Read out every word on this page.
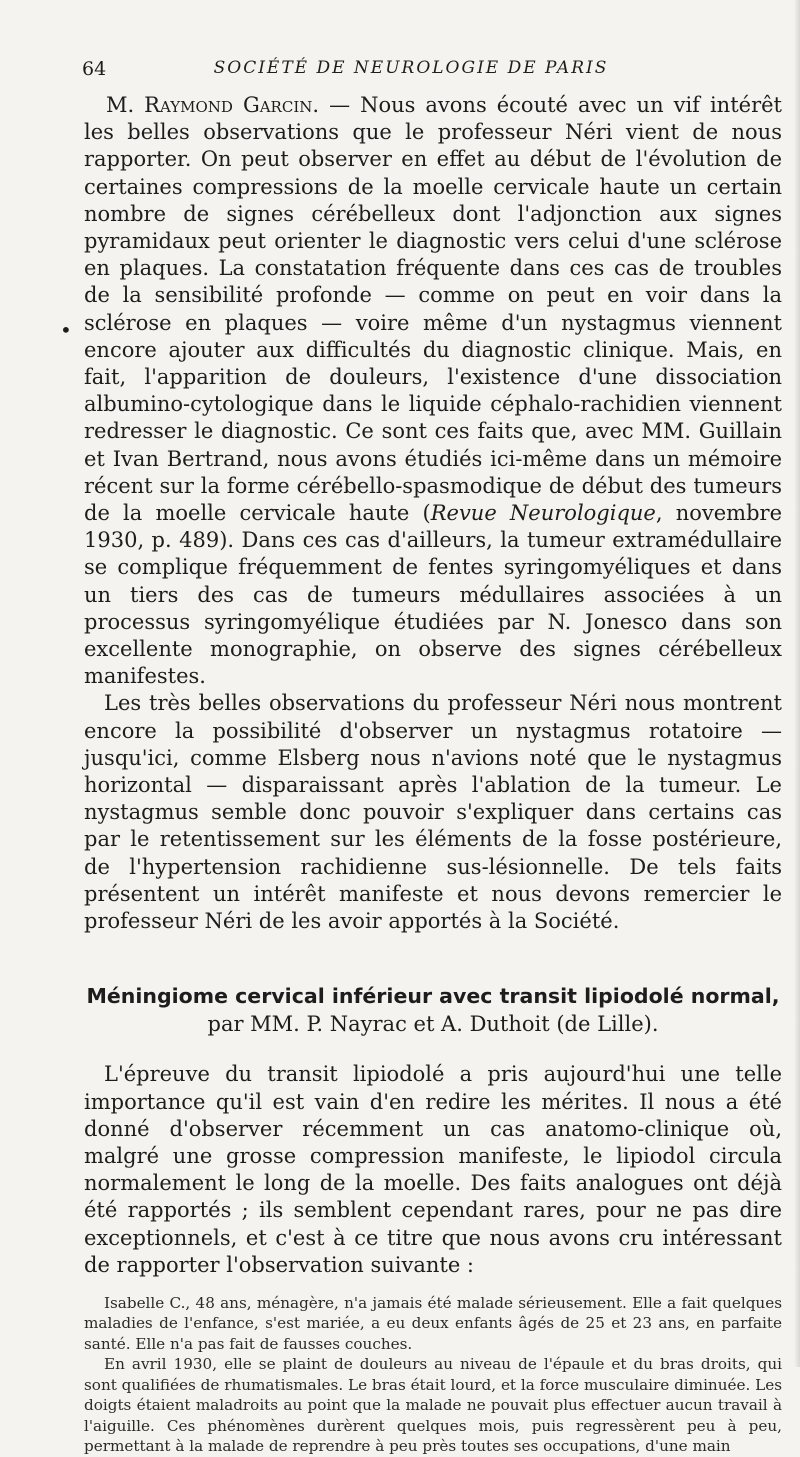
64	SOCIÉTÉ DE NEUROLOGIE DE PARIS
•

M. Raymond Garcin. — Nous avons écouté avec un vif intérêt les belles observations que le professeur Néri vient de nous rapporter. On peut observer en effet au début de l'évolution de certaines compressions de la moelle cervicale haute un certain nombre de signes cérébelleux dont l'adjonction aux signes pyramidaux peut orienter le diagnostic vers celui d'une sclérose en plaques. La constatation fréquente dans ces cas de troubles de la sensibilité profonde — comme on peut en voir dans la sclérose en plaques — voire même d'un nystagmus viennent encore ajouter aux difficultés du diagnostic clinique. Mais, en fait, l'apparition de douleurs, l'existence d'une dissociation albumino-cytologique dans le liquide céphalo-rachidien viennent redresser le diagnostic. Ce sont ces faits que, avec MM. Guillain et Ivan Bertrand, nous avons étudiés ici-même dans un mémoire récent sur la forme cérébello-spasmodique de début des tumeurs de la moelle cervicale haute (Revue Neurologique, novembre 1930, p. 489). Dans ces cas d'ailleurs, la tumeur extramédullaire se complique fréquemment de fentes syringomyéliques et dans un tiers des cas de tumeurs médullaires associées à un processus syringomyélique étudiées par N. Jonesco dans son excellente monographie, on observe des signes cérébelleux manifestes.

Les très belles observations du professeur Néri nous montrent encore la possibilité d'observer un nystagmus rotatoire — jusqu'ici, comme Elsberg nous n'avions noté que le nystagmus horizontal — disparaissant après l'ablation de la tumeur. Le nystagmus semble donc pouvoir s'expliquer dans certains cas par le retentissement sur les éléments de la fosse postérieure, de l'hypertension rachidienne sus-lésionnelle. De tels faits présentent un intérêt manifeste et nous devons remercier le professeur Néri de les avoir apportés à la Société.

Méningiome cervical inférieur avec transit lipiodolé normal,
par MM. P. Nayrac et A. Duthoit (de Lille).

L'épreuve du transit lipiodolé a pris aujourd'hui une telle importance qu'il est vain d'en redire les mérites. Il nous a été donné d'observer récemment un cas anatomo-clinique où, malgré une grosse compression manifeste, le lipiodol circula normalement le long de la moelle. Des faits analogues ont déjà été rapportés ; ils semblent cependant rares, pour ne pas dire exceptionnels, et c'est à ce titre que nous avons cru intéressant de rapporter l'observation suivante :

Isabelle C., 48 ans, ménagère, n'a jamais été malade sérieusement. Elle a fait quelques maladies de l'enfance, s'est mariée, a eu deux enfants âgés de 25 et 23 ans, en parfaite santé. Elle n'a pas fait de fausses couches.

En avril 1930, elle se plaint de douleurs au niveau de l'épaule et du bras droits, qui sont qualifiées de rhumatismales. Le bras était lourd, et la force musculaire diminuée. Les doigts étaient maladroits au point que la malade ne pouvait plus effectuer aucun travail à l'aiguille. Ces phénomènes durèrent quelques mois, puis regressèrent peu à peu, permettant à la malade de reprendre à peu près toutes ses occupations, d'une main
